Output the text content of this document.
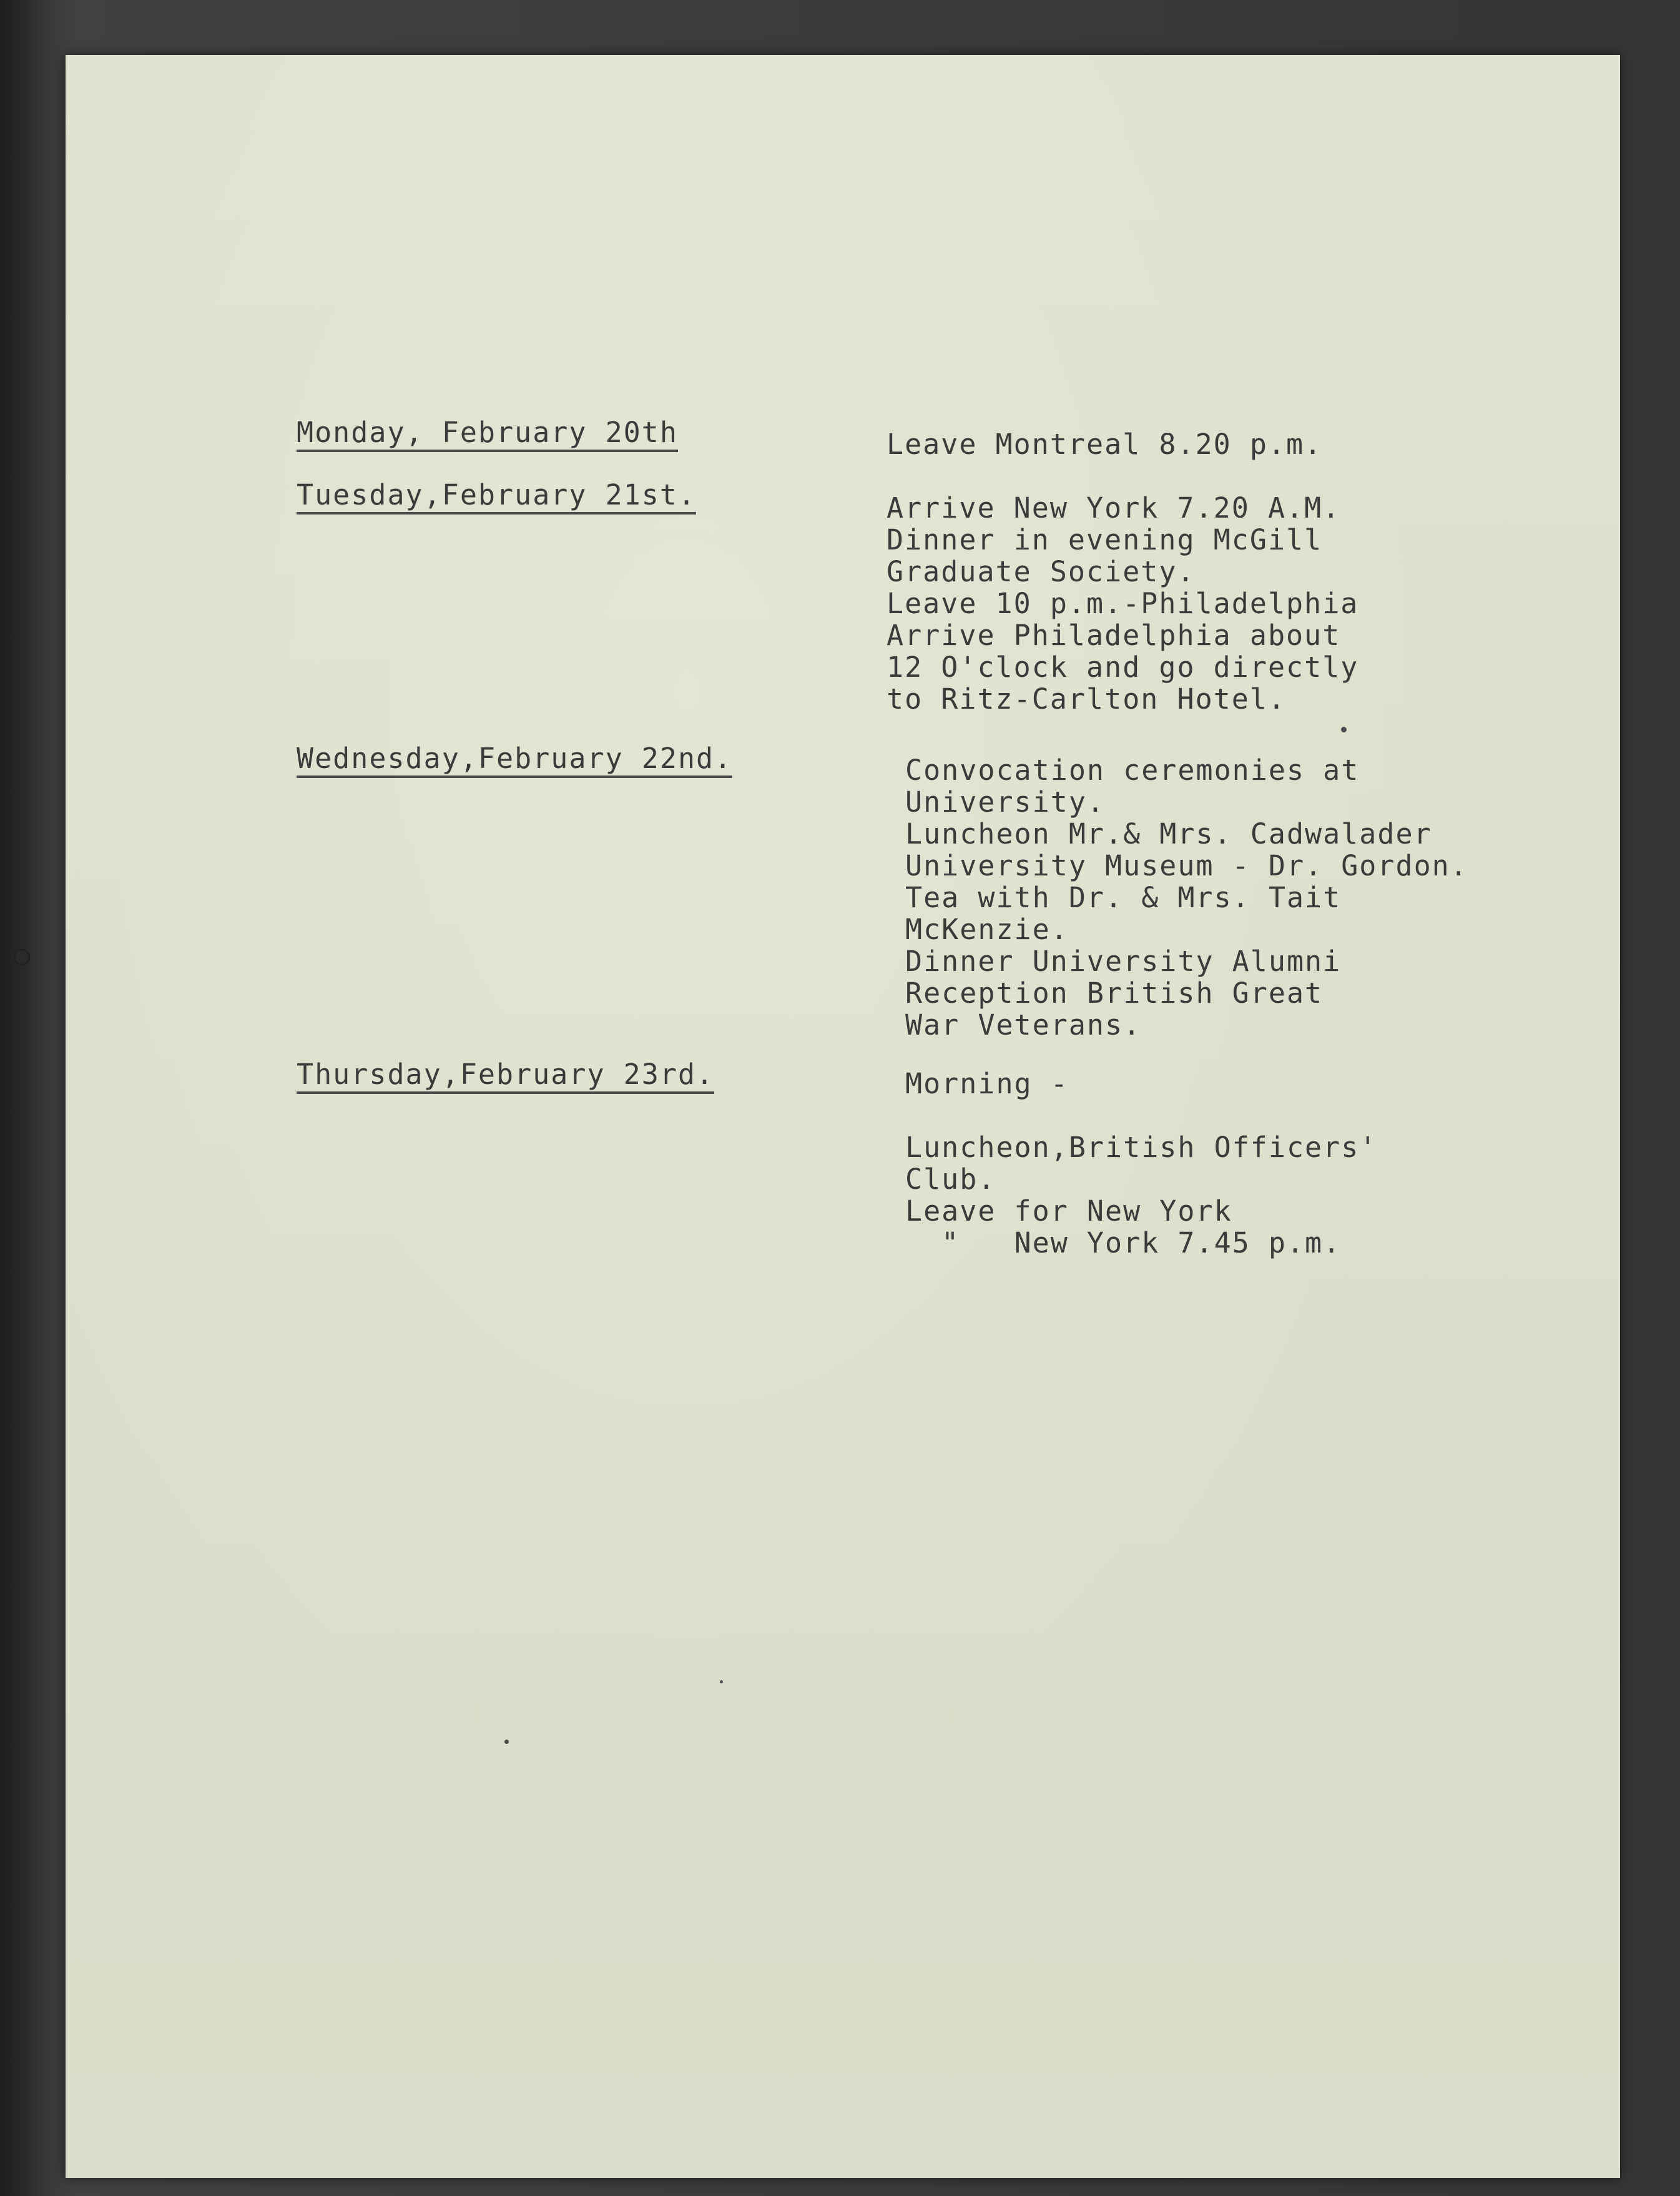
Monday, February 20th	Leave Montreal 8.20 p.m.
Tuesday,February 21st.	Arrive New York 7.20 A.M.
Dinner in evening McGill
Graduate Society.
Leave 10 p.m.-Philadelphia
Arrive Philadelphia about
12 O'clock and go directly
to Ritz-Carlton Hotel.
Wednesday,February 22nd.	Convocation ceremonies at
University.
Luncheon Mr.& Mrs. Cadwalader
University Museum - Dr. Gordon.
Tea with Dr. & Mrs. Tait
McKenzie.
Dinner University Alumni
Reception British Great
War Veterans.
Thursday,February 23rd.	Morning -
Luncheon,British Officers'
Club.
Leave for New York
"   New York 7.45 p.m.
